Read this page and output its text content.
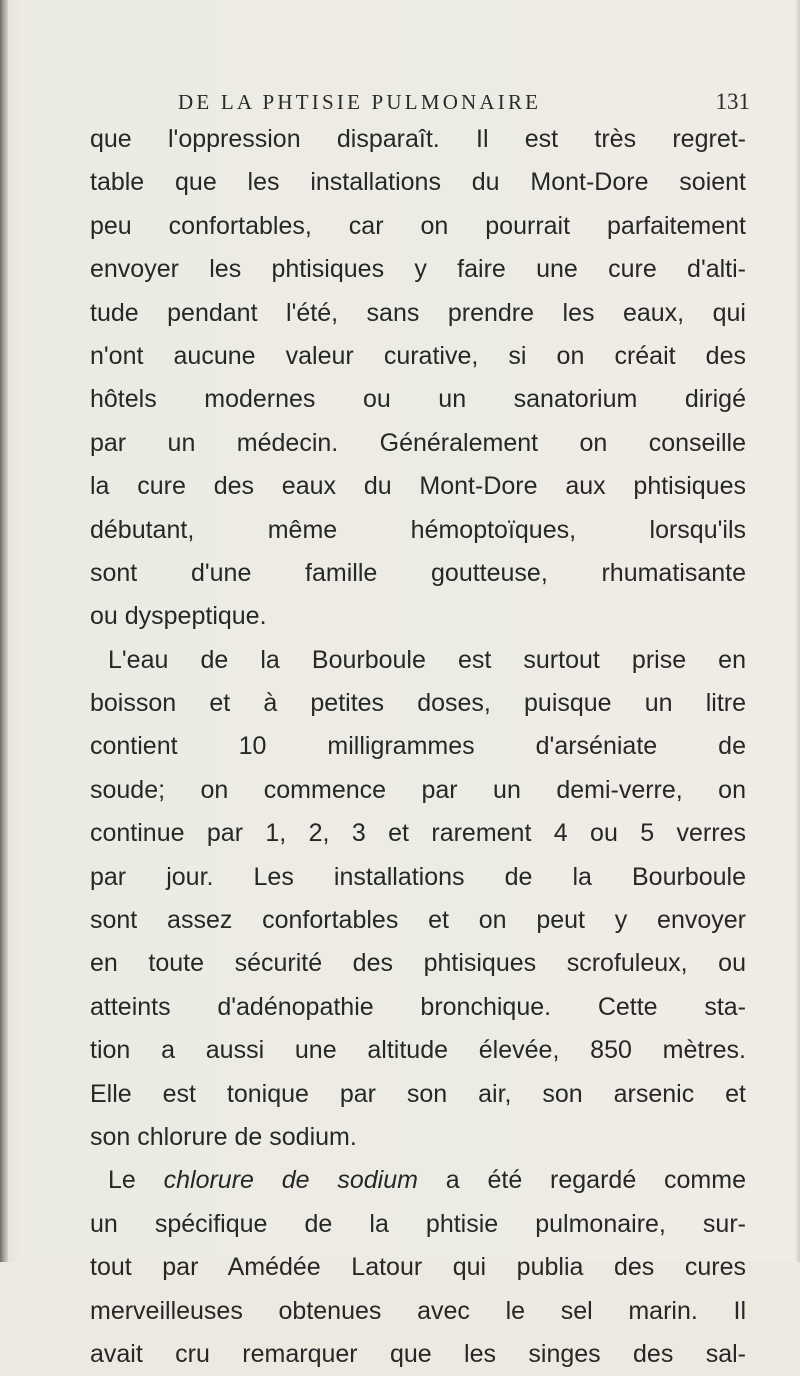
DE LA PHTISIE PULMONAIRE	131
que l'oppression disparaît. Il est très regret-
table que les installations du Mont-Dore soient
peu confortables, car on pourrait parfaitement
envoyer les phtisiques y faire une cure d'alti-
tude pendant l'été, sans prendre les eaux, qui
n'ont aucune valeur curative, si on créait des
hôtels modernes ou un sanatorium dirigé
par un médecin. Généralement on conseille
la cure des eaux du Mont-Dore aux phtisiques
débutant, même hémoptoïques, lorsqu'ils
sont d'une famille goutteuse, rhumatisante
ou dyspeptique.
L'eau de la Bourboule est surtout prise en
boisson et à petites doses, puisque un litre
contient 10 milligrammes d'arséniate de
soude; on commence par un demi-verre, on
continue par 1, 2, 3 et rarement 4 ou 5 verres
par jour. Les installations de la Bourboule
sont assez confortables et on peut y envoyer
en toute sécurité des phtisiques scrofuleux, ou
atteints d'adénopathie bronchique. Cette sta-
tion a aussi une altitude élevée, 850 mètres.
Elle est tonique par son air, son arsenic et
son chlorure de sodium.
Le chlorure de sodium a été regardé comme
un spécifique de la phtisie pulmonaire, sur-
tout par Amédée Latour qui publia des cures
merveilleuses obtenues avec le sel marin. Il
avait cru remarquer que les singes des sal-
